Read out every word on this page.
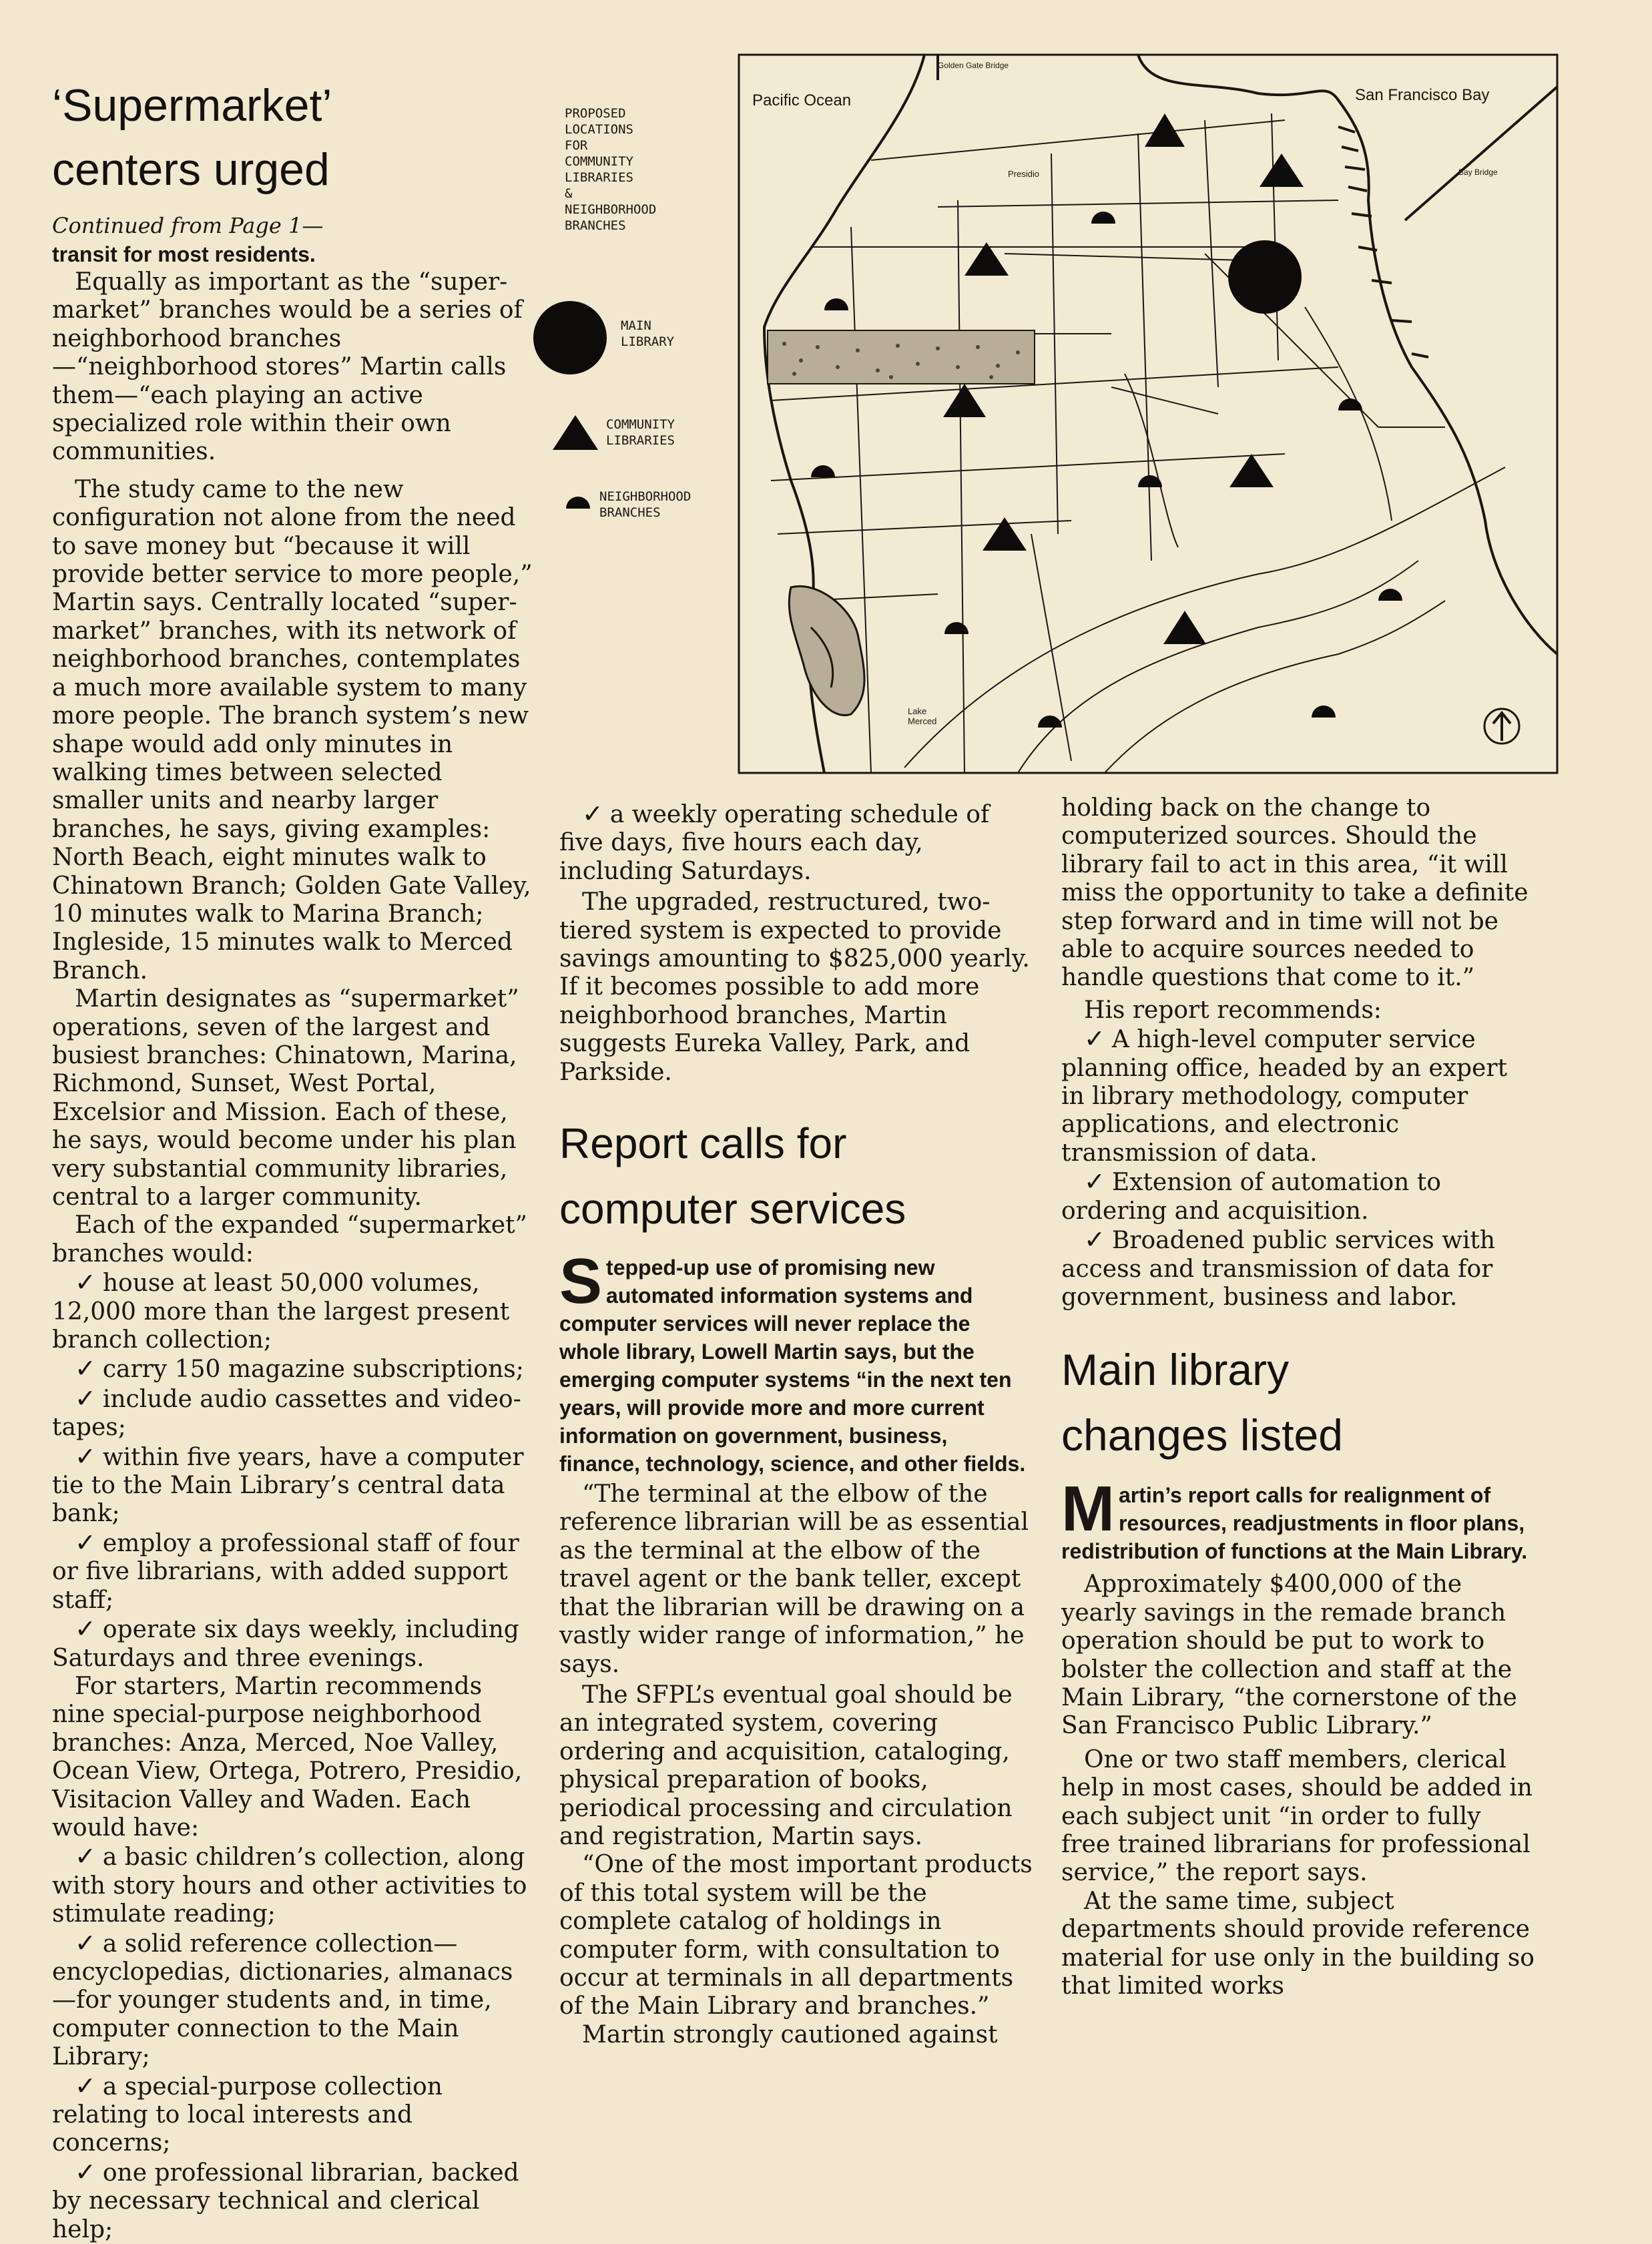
‘Supermarket’
centers urged

Continued from Page 1—

transit for most residents.

Equally as important as the “super-market” branches would be a series of neighborhood branches—“neighborhood stores” Martin calls them—“each playing an active specialized role within their own communities.

The study came to the new configuration not alone from the need to save money but “because it will provide better service to more people,” Martin says. Centrally located “super-market” branches, with its network of neighborhood branches, contemplates a much more available system to many more people. The branch system’s new shape would add only minutes in walking times between selected smaller units and nearby larger branches, he says, giving examples: North Beach, eight minutes walk to Chinatown Branch; Golden Gate Valley, 10 minutes walk to Marina Branch; Ingleside, 15 minutes walk to Merced Branch.

Martin designates as “supermarket” operations, seven of the largest and busiest branches: Chinatown, Marina, Richmond, Sunset, West Portal, Excelsior and Mission. Each of these, he says, would become under his plan very substantial community libraries, central to a larger community.

Each of the expanded “supermarket” branches would:

✓ house at least 50,000 volumes, 12,000 more than the largest present branch collection;

✓ carry 150 magazine subscriptions;

✓ include audio cassettes and video-tapes;

✓ within five years, have a computer tie to the Main Library’s central data bank;

✓ employ a professional staff of four or five librarians, with added support staff;

✓ operate six days weekly, including Saturdays and three evenings.

For starters, Martin recommends nine special-purpose neighborhood branches: Anza, Merced, Noe Valley, Ocean View, Ortega, Potrero, Presidio, Visitacion Valley and Waden. Each would have:

✓ a basic children’s collection, along with story hours and other activities to stimulate reading;

✓ a solid reference collection—encyclopedias, dictionaries, almanacs—for younger students and, in time, computer connection to the Main Library;

✓ a special-purpose collection relating to local interests and concerns;

✓ one professional librarian, backed by necessary technical and clerical help;

PROPOSED
LOCATIONS
FOR
COMMUNITY
LIBRARIES
&
NEIGHBORHOOD
BRANCHES
MAIN
LIBRARY
COMMUNITY
LIBRARIES
NEIGHBORHOOD
BRANCHES
Golden Gate Bridge
Pacific Ocean	San Francisco Bay
Presidio	Bay Bridge
Lake Merced

✓ a weekly operating schedule of five days, five hours each day, including Saturdays.

The upgraded, restructured, two-tiered system is expected to provide savings amounting to $825,000 yearly. If it becomes possible to add more neighborhood branches, Martin suggests Eureka Valley, Park, and Parkside.

Report calls for
computer services

Stepped-up use of promising new automated information systems and computer services will never replace the whole library, Lowell Martin says, but the emerging computer systems “in the next ten years, will provide more and more current information on government, business, finance, technology, science, and other fields.

“The terminal at the elbow of the reference librarian will be as essential as the terminal at the elbow of the travel agent or the bank teller, except that the librarian will be drawing on a vastly wider range of information,” he says.

The SFPL’s eventual goal should be an integrated system, covering ordering and acquisition, cataloging, physical preparation of books, periodical processing and circulation and registration, Martin says.

“One of the most important products of this total system will be the complete catalog of holdings in computer form, with consultation to occur at terminals in all departments of the Main Library and branches.”

Martin strongly cautioned against

holding back on the change to computerized sources. Should the library fail to act in this area, “it will miss the opportunity to take a definite step forward and in time will not be able to acquire sources needed to handle questions that come to it.”

His report recommends:

✓ A high-level computer service planning office, headed by an expert in library methodology, computer applications, and electronic transmission of data.

✓ Extension of automation to ordering and acquisition.

✓ Broadened public services with access and transmission of data for government, business and labor.

Main library
changes listed

Martin’s report calls for realignment of resources, readjustments in floor plans, redistribution of functions at the Main Library.

Approximately $400,000 of the yearly savings in the remade branch operation should be put to work to bolster the collection and staff at the Main Library, “the cornerstone of the San Francisco Public Library.”

One or two staff members, clerical help in most cases, should be added in each subject unit “in order to fully free trained librarians for professional service,” the report says.

At the same time, subject departments should provide reference material for use only in the building so that limited works
